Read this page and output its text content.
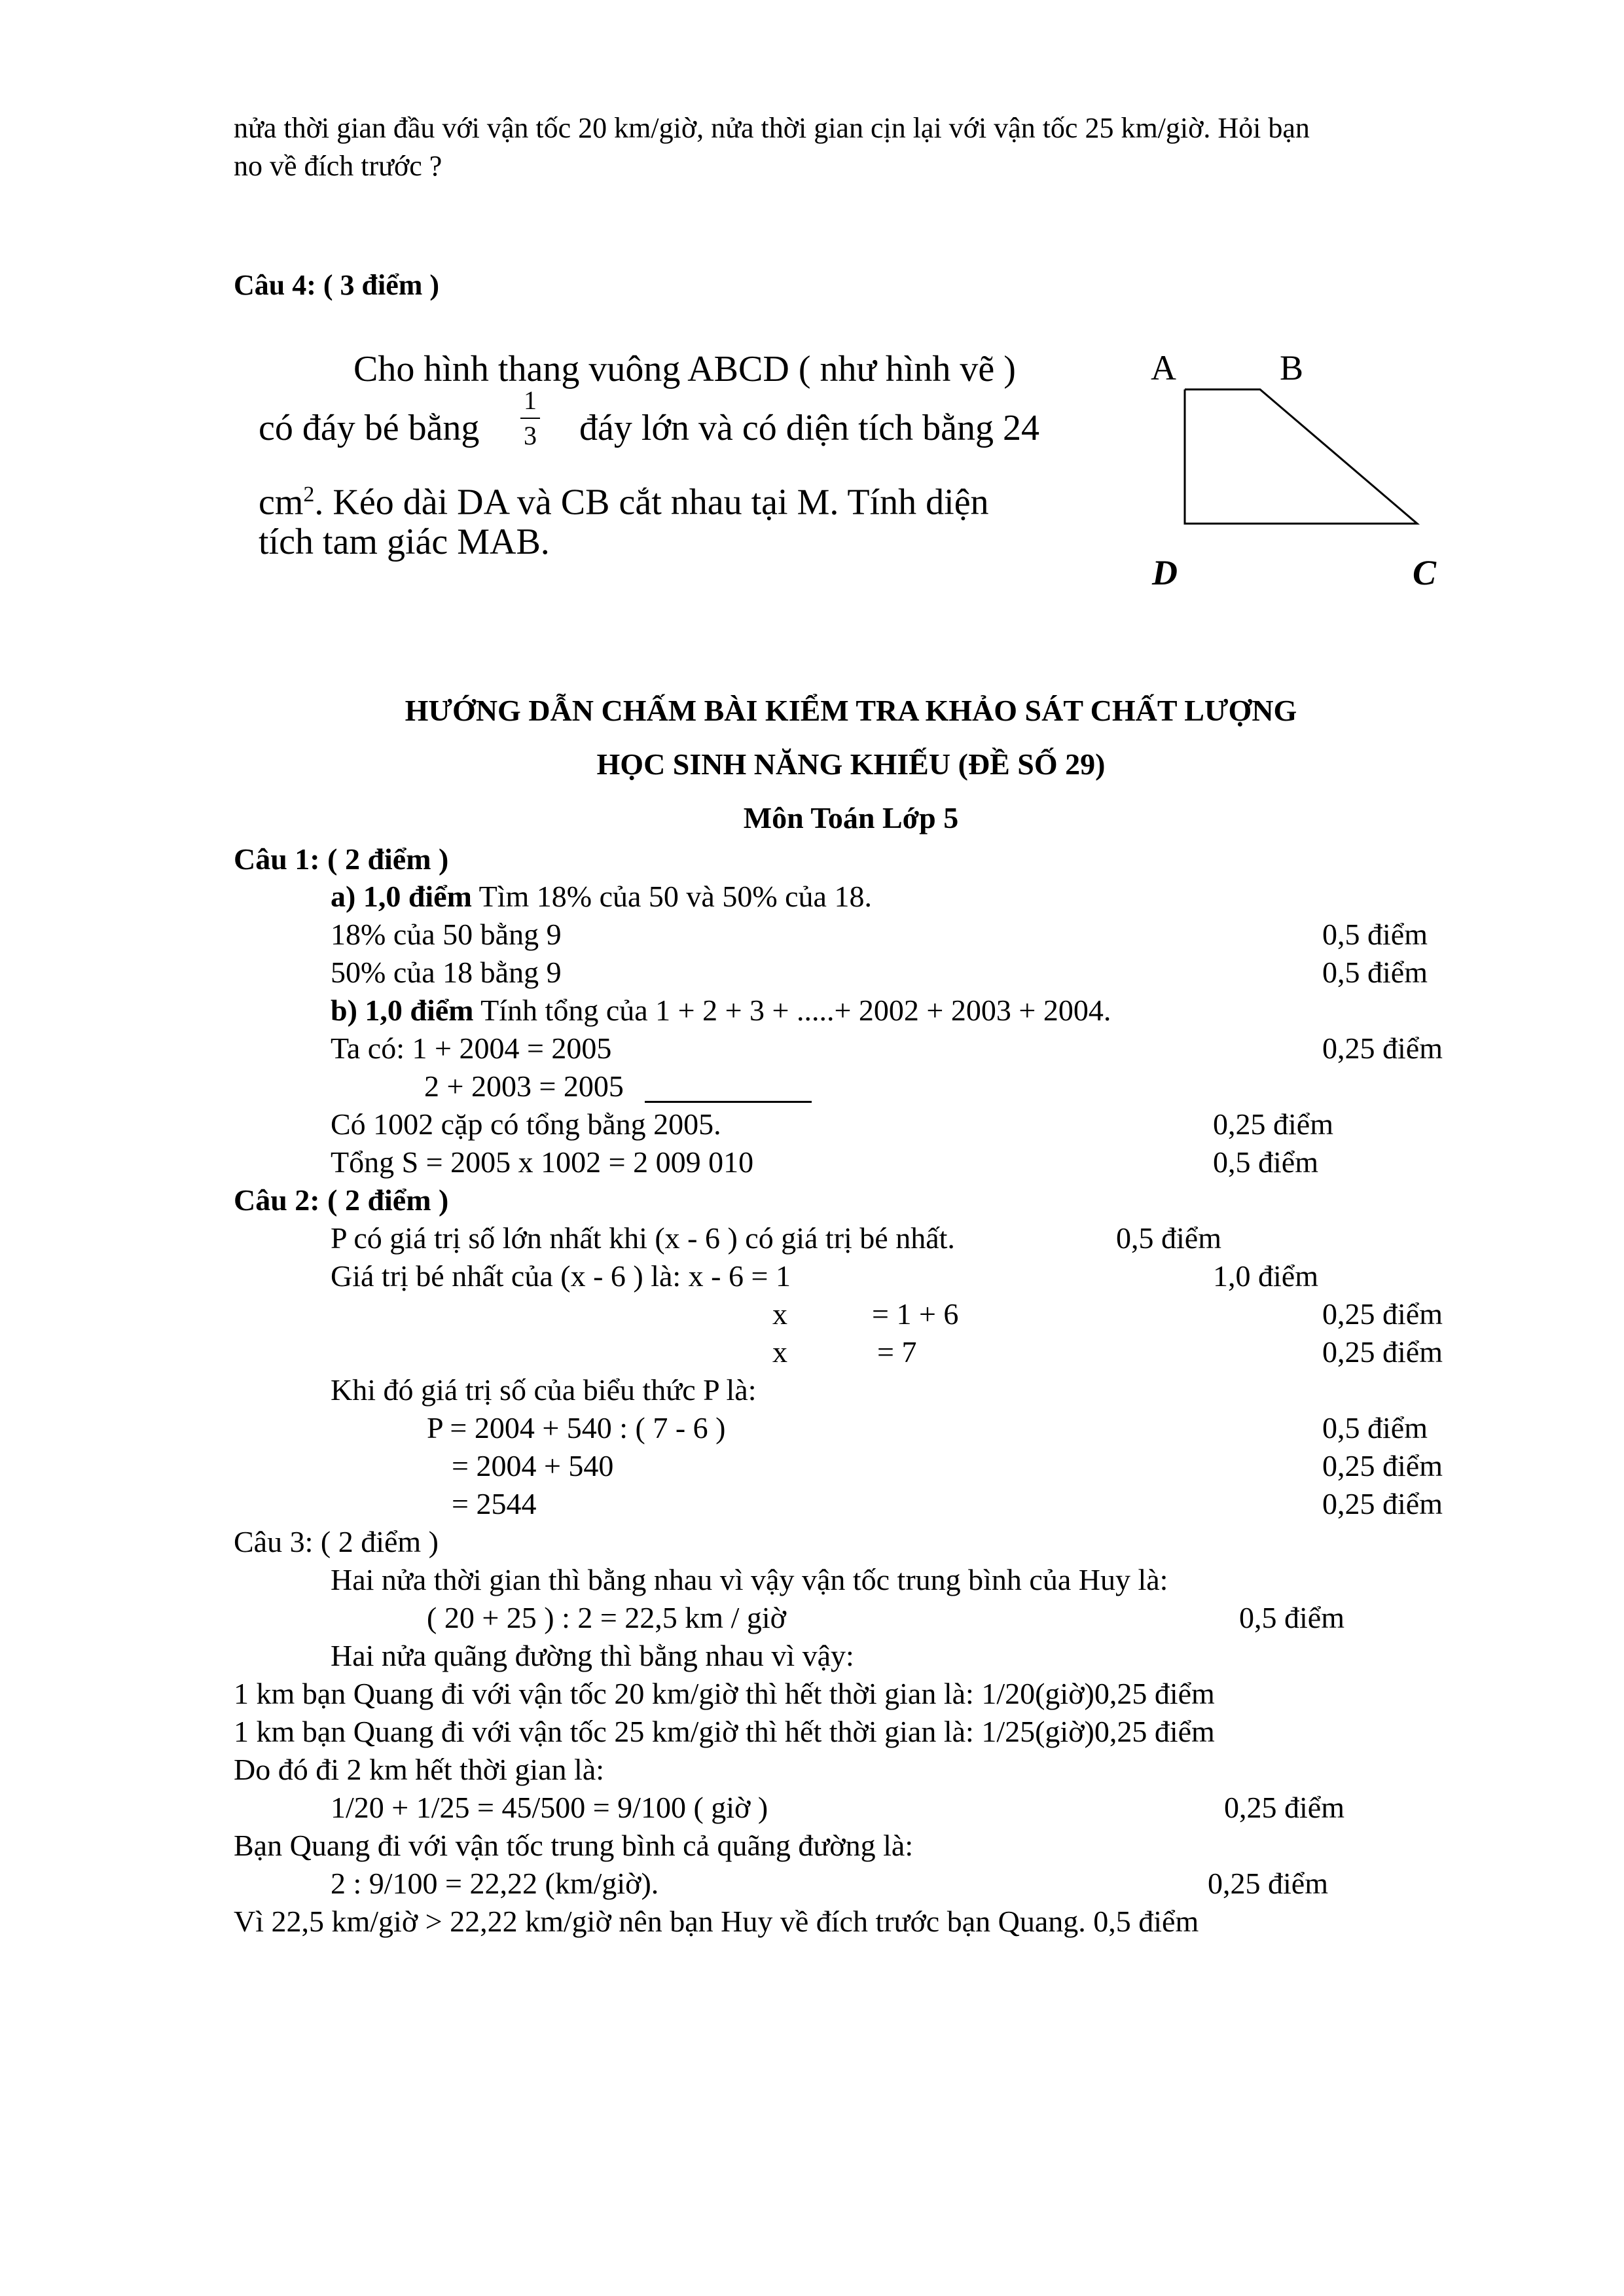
nửa thời gian đầu với vận tốc 20 km/giờ, nửa thời gian cịn lại với vận tốc 25 km/giờ. Hỏi bạn
no về đích trước ?
Câu 4: ( 3 điểm )
Cho hình thang vuông ABCD ( như hình vẽ )
có đáy bé bằng
1
3 đáy lớn và có diện tích bằng 24
$cm^2$. Kéo dài DA và CB cắt nhau tại M. Tính diện
tích tam giác MAB.
A	B
D	C
HƯỚNG DẪN CHẤM BÀI KIỂM TRA KHẢO SÁT CHẤT LƯỢNG
HỌC SINH NĂNG KHIẾU (ĐỀ SỐ 29)
Môn Toán Lớp 5
Câu 1: ( 2 điểm )
a) 1,0 điểm Tìm 18% của 50 và 50% của 18.
18% của 50 bằng 9	0,5 điểm
50% của 18 bằng 9	0,5 điểm
b) 1,0 điểm Tính tổng của 1 + 2 + 3 + .....+ 2002 + 2003 + 2004.
Ta có: 1 + 2004 = 2005	0,25 điểm
2 + 2003 = 2005
Có 1002 cặp có tổng bằng 2005.	0,25 điểm
Tổng S = 2005 x 1002 = 2 009 010	0,5 điểm
Câu 2: ( 2 điểm )
P có giá trị số lớn nhất khi (x - 6 ) có giá trị bé nhất.	0,5 điểm
Giá trị bé nhất của (x - 6 ) là: x - 6 = 1	1,0 điểm
x	= 1 + 6	0,25 điểm
x	= 7	0,25 điểm
Khi đó giá trị số của biểu thức P là:
P = 2004 + 540 : ( 7 - 6 )	0,5 điểm
= 2004 + 540	0,25 điểm
= 2544	0,25 điểm
Câu 3: ( 2 điểm )
Hai nửa thời gian thì bằng nhau vì vậy vận tốc trung bình của Huy là:
( 20 + 25 ) : 2 = 22,5 km / giờ	0,5 điểm
Hai nửa quãng đường thì bằng nhau vì vậy:
1 km bạn Quang đi với vận tốc 20 km/giờ thì hết thời gian là: 1/20(giờ)0,25 điểm
1 km bạn Quang đi với vận tốc 25 km/giờ thì hết thời gian là: 1/25(giờ)0,25 điểm
Do đó đi 2 km hết thời gian là:
1/20 + 1/25 = 45/500 = 9/100 ( giờ )	0,25 điểm
Bạn Quang đi với vận tốc trung bình cả quãng đường là:
2 : 9/100 = 22,22 (km/giờ).	0,25 điểm
Vì 22,5 km/giờ > 22,22 km/giờ nên bạn Huy về đích trước bạn Quang. 0,5 điểm
